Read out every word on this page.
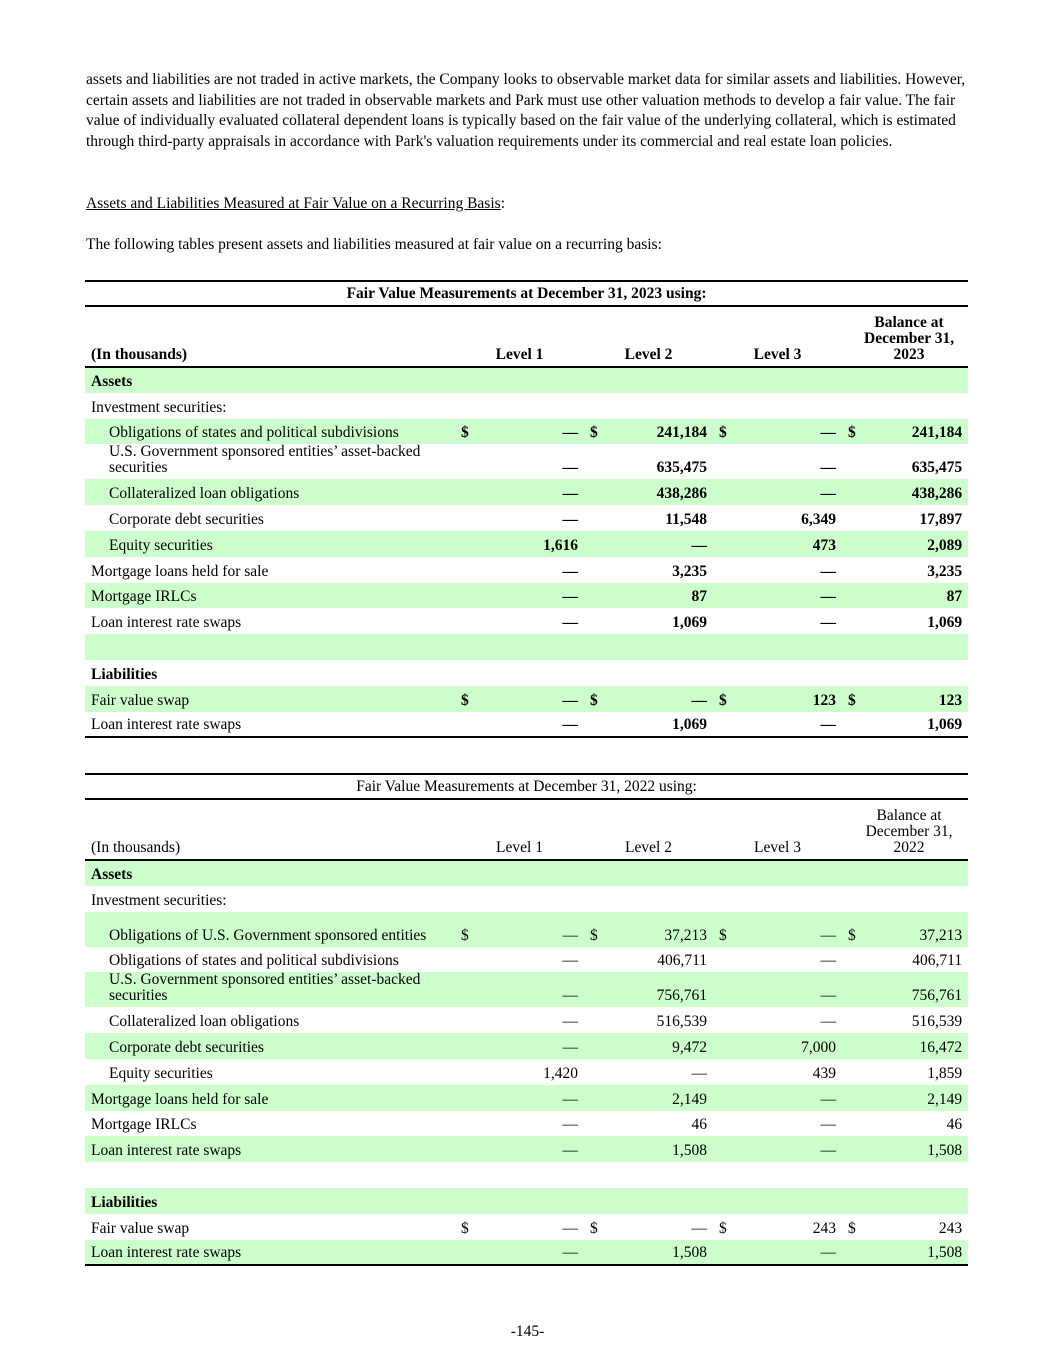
assets and liabilities are not traded in active markets, the Company looks to observable market data for similar assets and liabilities. However, certain assets and liabilities are not traded in observable markets and Park must use other valuation methods to develop a fair value. The fair value of individually evaluated collateral dependent loans is typically based on the fair value of the underlying collateral, which is estimated through third-party appraisals in accordance with Park's valuation requirements under its commercial and real estate loan policies.
Assets and Liabilities Measured at Fair Value on a Recurring Basis:
The following tables present assets and liabilities measured at fair value on a recurring basis:
Fair Value Measurements at December 31, 2023 using:								
(In thousands)	Level 1		Level 2		Level 3		Balance at December 31, 2023	
Assets								
Investment securities:								
Obligations of states and political subdivisions	$	—	$	241,184	$	—	$	241,184
U.S. Government sponsored entities’ asset-backed securities		—		635,475		—		635,475
Collateralized loan obligations		—		438,286		—		438,286
Corporate debt securities		—		11,548		6,349		17,897
Equity securities		1,616		—		473		2,089
Mortgage loans held for sale		—		3,235		—		3,235
Mortgage IRLCs		—		87		—		87
Loan interest rate swaps		—		1,069		—		1,069

Liabilities								
Fair value swap	$	—	$	—	$	123	$	123
Loan interest rate swaps		—		1,069		—		1,069
Fair Value Measurements at December 31, 2022 using:								
(In thousands)	Level 1		Level 2		Level 3		Balance at December 31, 2022	
Assets								
Investment securities:								
Obligations of U.S. Government sponsored entities	$	—	$	37,213	$	—	$	37,213
Obligations of states and political subdivisions		—		406,711		—		406,711
U.S. Government sponsored entities’ asset-backed securities		—		756,761		—		756,761
Collateralized loan obligations		—		516,539		—		516,539
Corporate debt securities		—		9,472		7,000		16,472
Equity securities		1,420		—		439		1,859
Mortgage loans held for sale		—		2,149		—		2,149
Mortgage IRLCs		—		46		—		46
Loan interest rate swaps		—		1,508		—		1,508

Liabilities								
Fair value swap	$	—	$	—	$	243	$	243
Loan interest rate swaps		—		1,508		—		1,508
-145-
